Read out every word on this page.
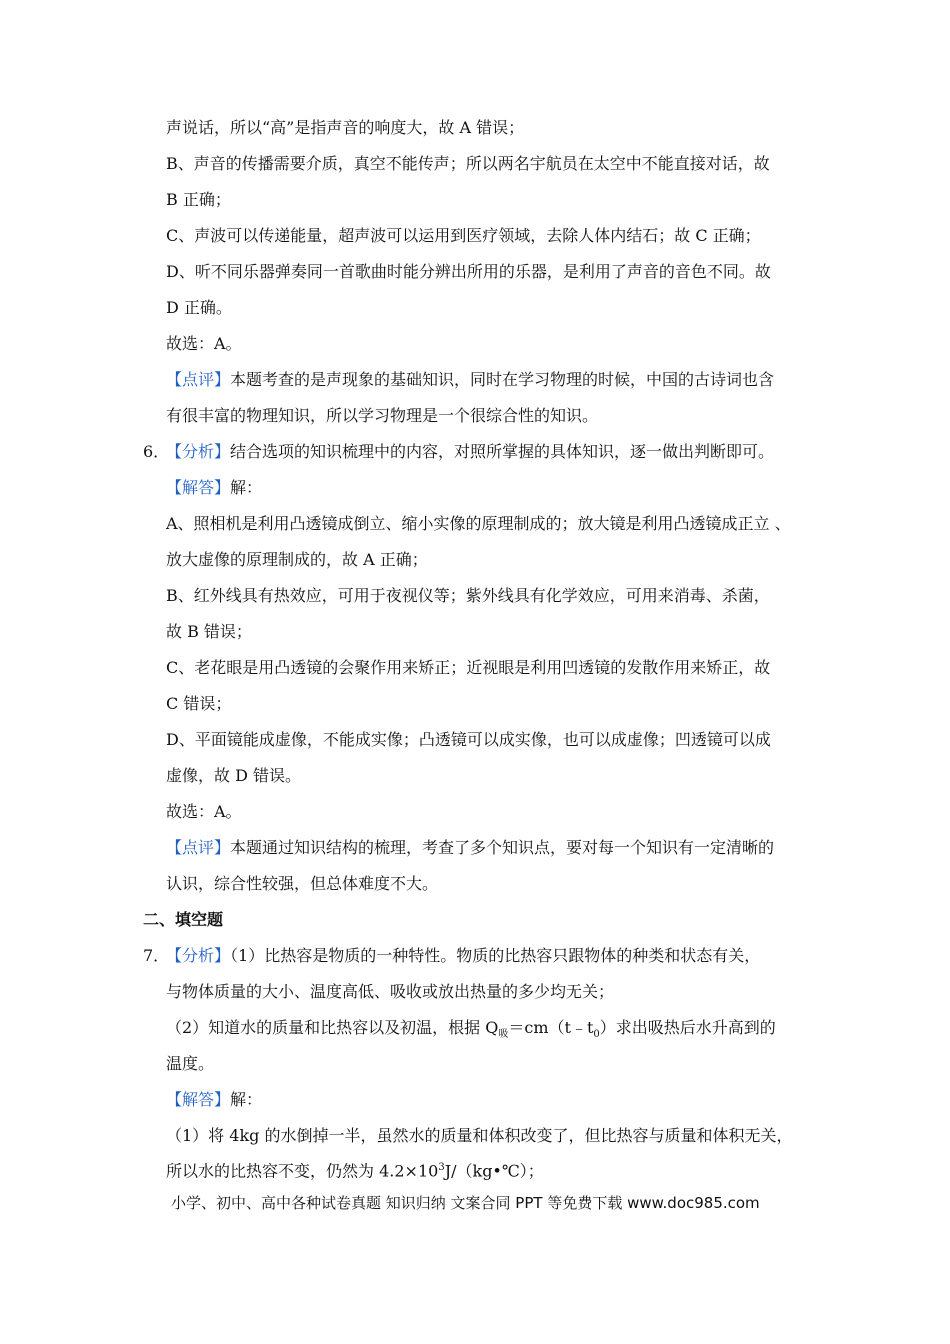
声说话，所以“高”是指声音的响度大，故 A 错误；
B、声音的传播需要介质，真空不能传声；所以两名宇航员在太空中不能直接对话，故
B 正确；
C、声波可以传递能量，超声波可以运用到医疗领域，去除人体内结石；故 C 正确；
D、听不同乐器弹奏同一首歌曲时能分辨出所用的乐器，是利用了声音的音色不同。故
D 正确。
故选：A。
【点评】本题考查的是声现象的基础知识，同时在学习物理的时候，中国的古诗词也含
有很丰富的物理知识，所以学习物理是一个很综合性的知识。
6．
【分析】结合选项的知识梳理中的内容，对照所掌握的具体知识，逐一做出判断即可。
【解答】解：
A、照相机是利用凸透镜成倒立、缩小实像的原理制成的；放大镜是利用凸透镜成正立 、
放大虚像的原理制成的，故 A 正确；
B、红外线具有热效应，可用于夜视仪等；紫外线具有化学效应，可用来消毒、杀菌，
故 B 错误；
C、老花眼是用凸透镜的会聚作用来矫正；近视眼是利用凹透镜的发散作用来矫正，故
C 错误；
D、平面镜能成虚像，不能成实像；凸透镜可以成实像，也可以成虚像；凹透镜可以成
虚像，故 D 错误。
故选：A。
【点评】本题通过知识结构的梳理，考查了多个知识点，要对每一个知识有一定清晰的
认识，综合性较强，但总体难度不大。
二、填空题
7．
【分析】（1）比热容是物质的一种特性。物质的比热容只跟物体的种类和状态有关，
与物体质量的大小、温度高低、吸收或放出热量的多少均无关；
（2）知道水的质量和比热容以及初温，根据 $Q_吸=cm(t﹣t_0)$求出吸热后水升高到的
温度。
【解答】解：
（1）将 4kg 的水倒掉一半，虽然水的质量和体积改变了，但比热容与质量和体积无关，
所以水的比热容不变，仍然为 $4.2\times 10^3J/(kg•℃)$；
小学、初中、高中各种试卷真题 知识归纳 文案合同 PPT 等免费下载 www.doc985.com
